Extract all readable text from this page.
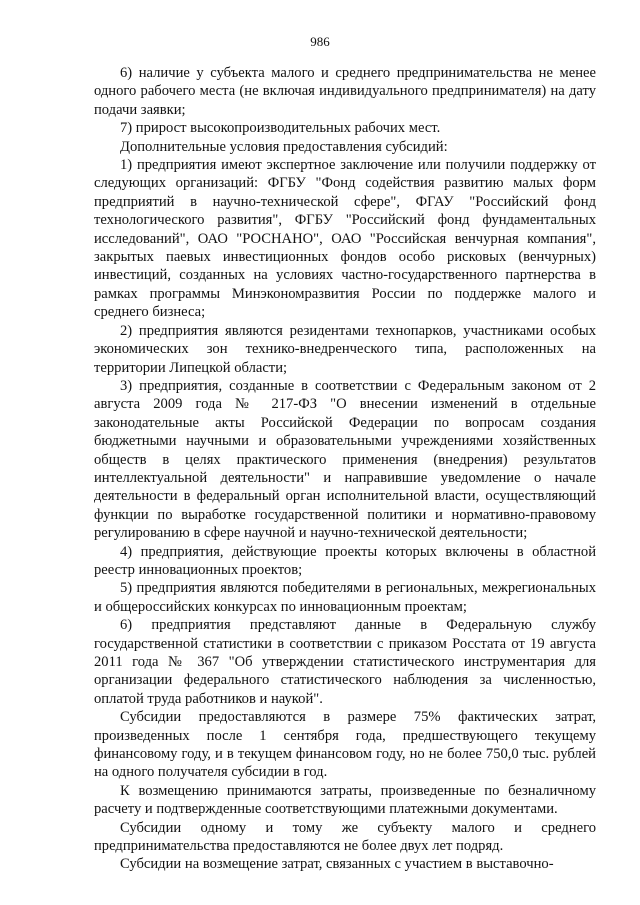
986

6) наличие у субъекта малого и среднего предпринимательства не менее одного рабочего места (не включая индивидуального предпринимателя) на дату подачи заявки;

7) прирост высокопроизводительных рабочих мест.

Дополнительные условия предоставления субсидий:

1) предприятия имеют экспертное заключение или получили поддержку от следующих организаций: ФГБУ "Фонд содействия развитию малых форм предприятий в научно-технической сфере", ФГАУ "Российский фонд технологического развития", ФГБУ "Российский фонд фундаментальных исследований", ОАО "РОСНАНО", ОАО "Российская венчурная компания", закрытых паевых инвестиционных фондов особо рисковых (венчурных) инвестиций, созданных на условиях частно-государственного партнерства в рамках программы Минэкономразвития России по поддержке малого и среднего бизнеса;

2) предприятия являются резидентами технопарков, участниками особых экономических зон технико-внедренческого типа, расположенных на территории Липецкой области;

3) предприятия, созданные в соответствии с Федеральным законом от 2 августа 2009 года № 217-ФЗ "О внесении изменений в отдельные законодательные акты Российской Федерации по вопросам создания бюджетными научными и образовательными учреждениями хозяйственных обществ в целях практического применения (внедрения) результатов интеллектуальной деятельности" и направившие уведомление о начале деятельности в федеральный орган исполнительной власти, осуществляющий функции по выработке государственной политики и нормативно-правовому регулированию в сфере научной и научно-технической деятельности;

4) предприятия, действующие проекты которых включены в областной реестр инновационных проектов;

5) предприятия являются победителями в региональных, межрегиональных и общероссийских конкурсах по инновационным проектам;

6) предприятия представляют данные в Федеральную службу государственной статистики в соответствии с приказом Росстата от 19 августа 2011 года № 367 "Об утверждении статистического инструментария для организации федерального статистического наблюдения за численностью, оплатой труда работников и наукой".

Субсидии предоставляются в размере 75% фактических затрат, произведенных после 1 сентября года, предшествующего текущему финансовому году, и в текущем финансовом году, но не более 750,0 тыс. рублей на одного получателя субсидии в год.

К возмещению принимаются затраты, произведенные по безналичному расчету и подтвержденные соответствующими платежными документами.

Субсидии одному и тому же субъекту малого и среднего предпринимательства предоставляются не более двух лет подряд.

Субсидии на возмещение затрат, связанных с участием в выставочно-
